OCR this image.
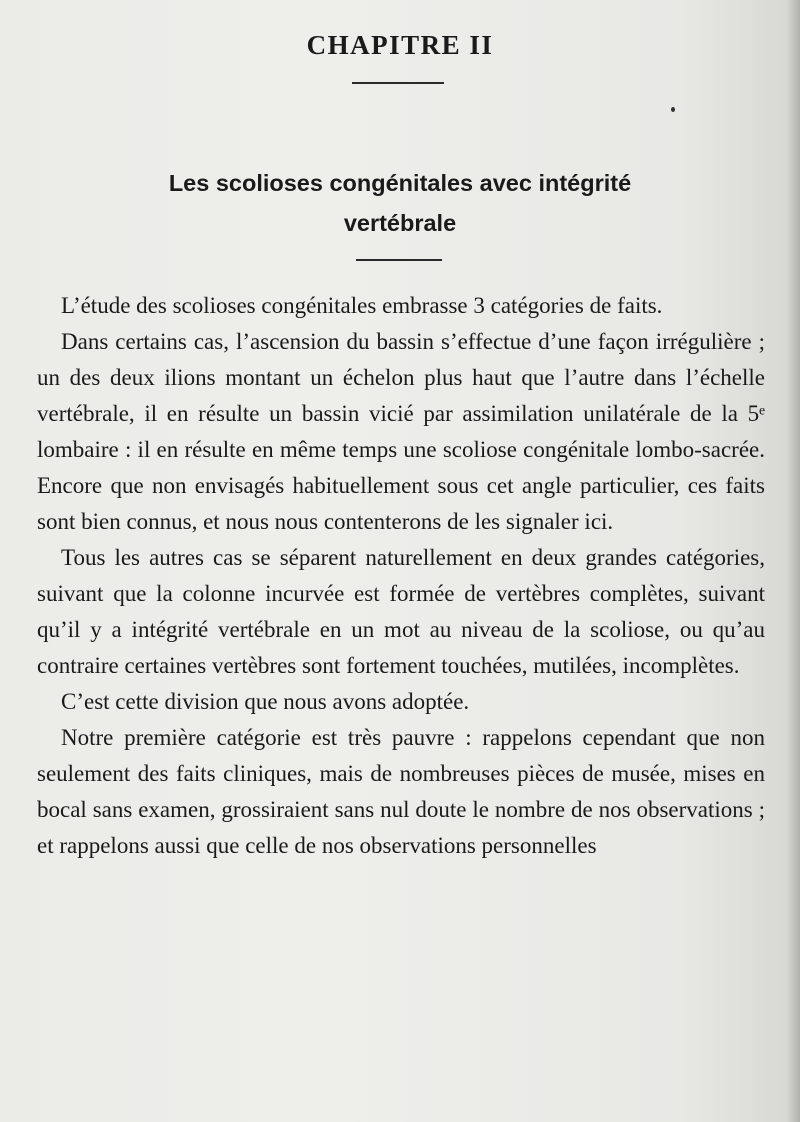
CHAPITRE II
Les scolioses congénitales avec intégrité
vertébrale

L’étude des scolioses congénitales embrasse 3 catégories de faits.

Dans certains cas, l’ascension du bassin s’effectue d’une façon irrégulière ; un des deux ilions montant un échelon plus haut que l’autre dans l’échelle vertébrale, il en résulte un bassin vicié par assimilation unilatérale de la 5ᵉ lombaire : il en résulte en même temps une scoliose congénitale lombo-sacrée. Encore que non envisagés habituellement sous cet angle particulier, ces faits sont bien connus, et nous nous contenterons de les signaler ici.

Tous les autres cas se séparent naturellement en deux grandes catégories, suivant que la colonne incurvée est formée de vertèbres complètes, suivant qu’il y a intégrité vertébrale en un mot au niveau de la scoliose, ou qu’au contraire certaines vertèbres sont fortement touchées, mutilées, incomplètes.

C’est cette division que nous avons adoptée.

Notre première catégorie est très pauvre : rappelons cependant que non seulement des faits cliniques, mais de nombreuses pièces de musée, mises en bocal sans examen, grossiraient sans nul doute le nombre de nos observations ; et rappelons aussi que celle de nos observations personnelles
